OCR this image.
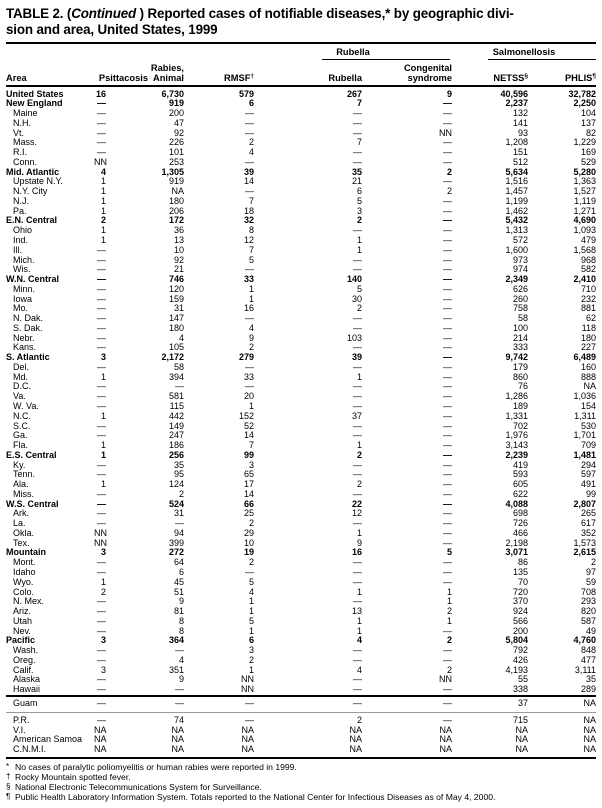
TABLE 2. (Continued ) Reported cases of notifiable diseases,* by geographic divi-
sion and area, United States, 1999

				Rubella		Salmonellosis	

Area	Psittacosis	Rabies,
Animal	RMSF†	Rubella	Congenital
syndrome	NETSS§	PHLIS¶
United States	16	6,730	579	267	9	40,596	32,782
New England	—	919	6	7	—	2,237	2,250
Maine	—	200	—	—	—	132	104
N.H.	—	47	—	—	—	141	137
Vt.	—	92	—	—	NN	93	82
Mass.	—	226	2	7	—	1,208	1,229
R.I.	—	101	4	—	—	151	169
Conn.	NN	253	—	—	—	512	529
Mid. Atlantic	4	1,305	39	35	2	5,634	5,280
Upstate N.Y.	1	919	14	21	—	1,516	1,363
N.Y. City	1	NA	—	6	2	1,457	1,527
N.J.	1	180	7	5	—	1,199	1,119
Pa.	1	206	18	3	—	1,462	1,271
E.N. Central	2	172	32	2	—	5,432	4,690
Ohio	1	36	8	—	—	1,313	1,093
Ind.	1	13	12	1	—	572	479
Ill.	—	10	7	1	—	1,600	1,568
Mich.	—	92	5	—	—	973	968
Wis.	—	21	—	—	—	974	582
W.N. Central	—	746	33	140	—	2,349	2,410
Minn.	—	120	1	5	—	626	710
Iowa	—	159	1	30	—	260	232
Mo.	—	31	16	2	—	758	881
N. Dak.	—	147	—	—	—	58	62
S. Dak.	—	180	4	—	—	100	118
Nebr.	—	4	9	103	—	214	180
Kans.	—	105	2	—	—	333	227
S. Atlantic	3	2,172	279	39	—	9,742	6,489
Del.	—	58	—	—	—	179	160
Md.	1	394	33	1	—	860	888
D.C.	—	—	—	—	—	76	NA
Va.	—	581	20	—	—	1,286	1,036
W. Va.	—	115	1	—	—	189	154
N.C.	1	442	152	37	—	1,331	1,311
S.C.	—	149	52	—	—	702	530
Ga.	—	247	14	—	—	1,976	1,701
Fla.	1	186	7	1	—	3,143	709
E.S. Central	1	256	99	2	—	2,239	1,481
Ky.	—	35	3	—	—	419	294
Tenn.	—	95	65	—	—	593	597
Ala.	1	124	17	2	—	605	491
Miss.	—	2	14	—	—	622	99
W.S. Central	—	524	66	22	—	4,088	2,807
Ark.	—	31	25	12	—	698	265
La.	—	—	2	—	—	726	617
Okla.	NN	94	29	1	—	466	352
Tex.	NN	399	10	9	—	2,198	1,573
Mountain	3	272	19	16	5	3,071	2,615
Mont.	—	64	2	—	—	86	2
Idaho	—	6	—	—	—	135	97
Wyo.	1	45	5	—	—	70	59
Colo.	2	51	4	1	1	720	708
N. Mex.	—	9	1	—	1	370	293
Ariz.	—	81	1	13	2	924	820
Utah	—	8	5	1	1	566	587
Nev.	—	8	1	1	—	200	49
Pacific	3	364	6	4	2	5,804	4,760
Wash.	—	—	3	—	—	792	848
Oreg.	—	4	2	—	—	426	477
Calif.	3	351	1	4	2	4,193	3,111
Alaska	—	9	NN	—	NN	55	35
Hawaii	—	—	NN	—	—	338	289
Guam	—	—	—	—	—	37	NA
P.R.	—	74	—	2	—	715	NA
V.I.	NA	NA	NA	NA	NA	NA	NA
American Samoa	NA	NA	NA	NA	NA	NA	NA
C.N.M.I.	NA	NA	NA	NA	NA	NA	NA
* No cases of paralytic poliomyelitis or human rabies were reported in 1999.
† Rocky Mountain spotted fever.
§ National Electronic Telecommunications System for Surveillance.
¶ Public Health Laboratory Information System. Totals reported to the National Center for Infectious Diseases as of May 4, 2000.
